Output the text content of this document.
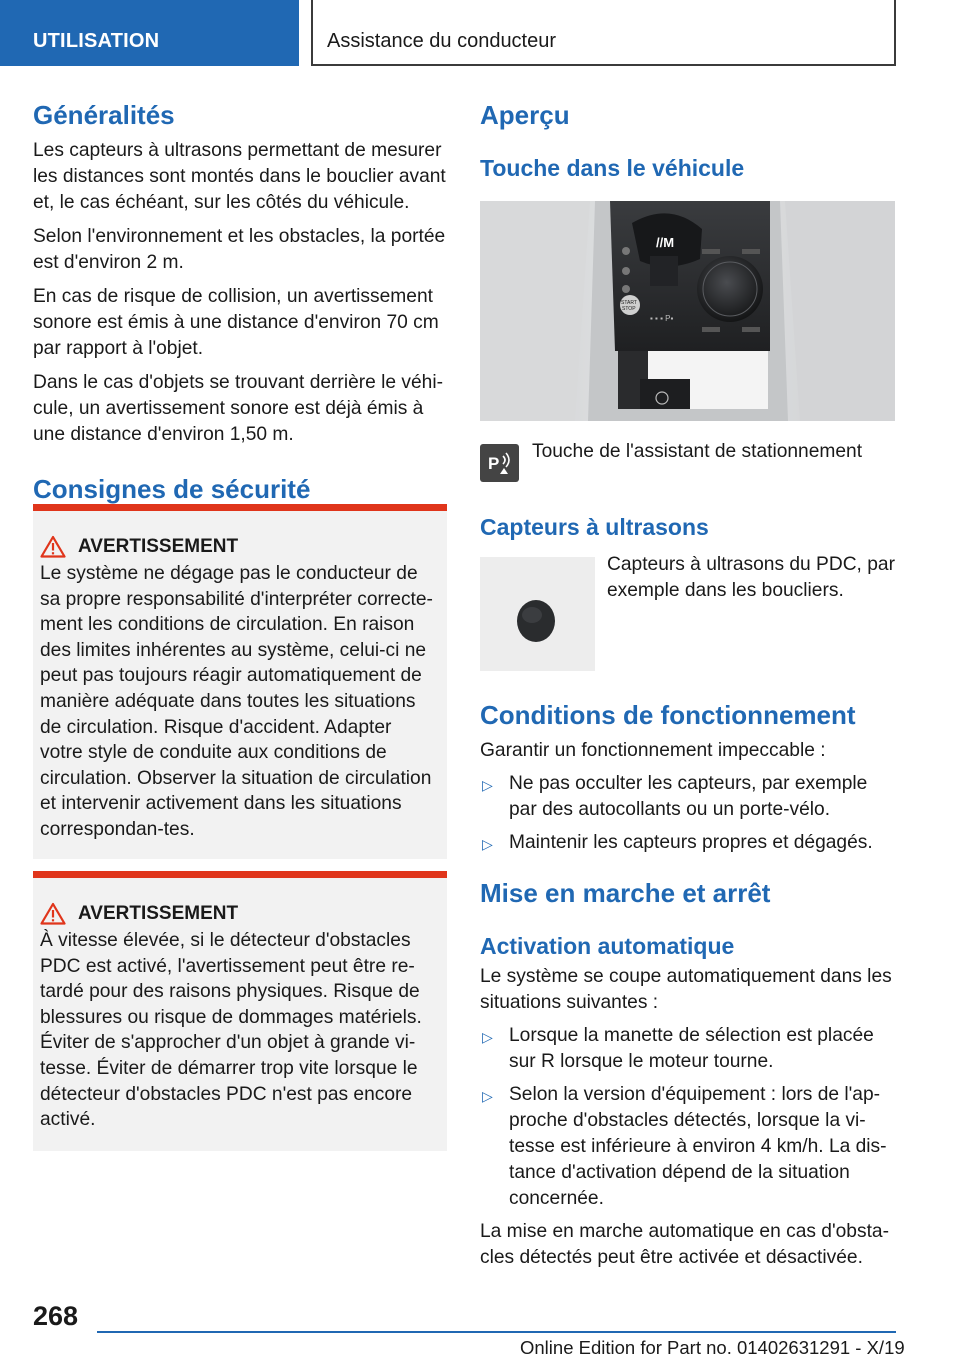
UTILISATION	Assistance du conducteur
Généralités

Les capteurs à ultrasons permettant de mesurer les distances sont montés dans le bouclier avant et, le cas échéant, sur les côtés du véhicule.

Selon l'environnement et les obstacles, la portée est d'environ 2 m.

En cas de risque de collision, un avertissement sonore est émis à une distance d'environ 70 cm par rapport à l'objet.

Dans le cas d'objets se trouvant derrière le véhi-cule, un avertissement sonore est déjà émis à une distance d'environ 1,50 m.

Consignes de sécurité
AVERTISSEMENT

Le système ne dégage pas le conducteur de sa propre responsabilité d'interpréter correcte-ment les conditions de circulation. En raison des limites inhérentes au système, celui-ci ne peut pas toujours réagir automatiquement de manière adéquate dans toutes les situations de circulation. Risque d'accident. Adapter votre style de conduite aux conditions de circulation. Observer la situation de circulation et intervenir activement dans les situations correspondan-tes.

AVERTISSEMENT

À vitesse élevée, si le détecteur d'obstacles PDC est activé, l'avertissement peut être re-tardé pour des raisons physiques. Risque de blessures ou risque de dommages matériels. Éviter de s'approcher d'un objet à grande vi-tesse. Éviter de démarrer trop vite lorsque le détecteur d'obstacles PDC n'est pas encore activé.

Aperçu
Touche dans le véhicule
//M
START
STOP
▪ ▪ ▪ P▪
P

Touche de l'assistant de stationnement

Capteurs à ultrasons

Capteurs à ultrasons du PDC, par exemple dans les boucliers.

Conditions de fonctionnement

Garantir un fonctionnement impeccable :

▷ Ne pas occulter les capteurs, par exemple par des autocollants ou un porte-vélo.
▷ Maintenir les capteurs propres et dégagés.
Mise en marche et arrêt
Activation automatique

Le système se coupe automatiquement dans les situations suivantes :

▷ Lorsque la manette de sélection est placée sur R lorsque le moteur tourne.
▷ Selon la version d'équipement : lors de l'ap-proche d'obstacles détectés, lorsque la vi-tesse est inférieure à environ 4 km/h. La dis-tance d'activation dépend de la situation concernée.

La mise en marche automatique en cas d'obsta-cles détectés peut être activée et désactivée.

268
Online Edition for Part no. 01402631291 - X/19
